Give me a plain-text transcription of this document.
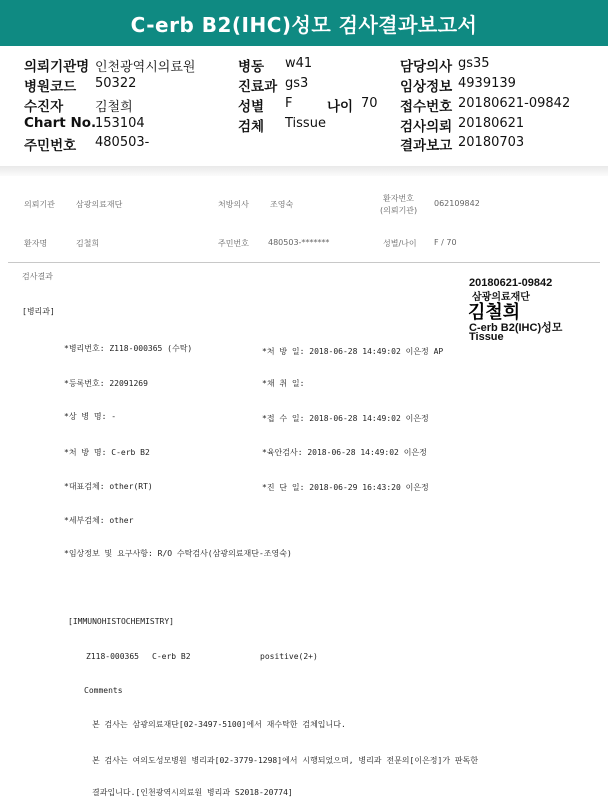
C-erb B2(IHC)성모 검사결과보고서
의뢰기관명 인천광역시의료원
병원코드 50322
수진자 김철희
Chart No.
153104
주민번호 480503-
병동 w41
진료과 gs3
성별 F	나이 70
검체 Tissue
담당의사 gs35
임상정보 4939139
접수번호 20180621-09842
검사의뢰 20180621
결과보고 20180703
의뢰기관	삼광의료재단	처방의사	조영숙
환자번호
(의뢰기관)
062109842
환자명	김철희	주민번호 480503-*******	성별/나이 F / 70
검사결과
[병리과]
20180621-09842
삼광의료재단
김철희
C-erb B2(IHC)성모
Tissue
*병리번호: Z118-000365 (수탁)
*등록번호: 22091269
*상 병 명: -
*처 방 명: C-erb B2
*대표검체: other(RT)
*세부검체: other
*처 방 일: 2018-06-28 14:49:02 이은정 AP
*채 취 일:
*접 수 일: 2018-06-28 14:49:02 이은정
*육안검사: 2018-06-28 14:49:02 이은정
*진 단 일: 2018-06-29 16:43:20 이은정
*임상정보 및 요구사항: R/O 수탁검사(삼광의료재단-조영숙)
[IMMUNOHISTOCHEMISTRY]
Z118-000365 C-erb B2	positive(2+)
Comments
본 검사는 삼광의료재단[02-3497-5100]에서 재수탁한 검체입니다.
본 검사는 여의도성모병원 병리과[02-3779-1298]에서 시행되었으며, 병리과 전문의[이은정]가 판독한
결과입니다.[인천광역시의료원 병리과 S2018-20774]
